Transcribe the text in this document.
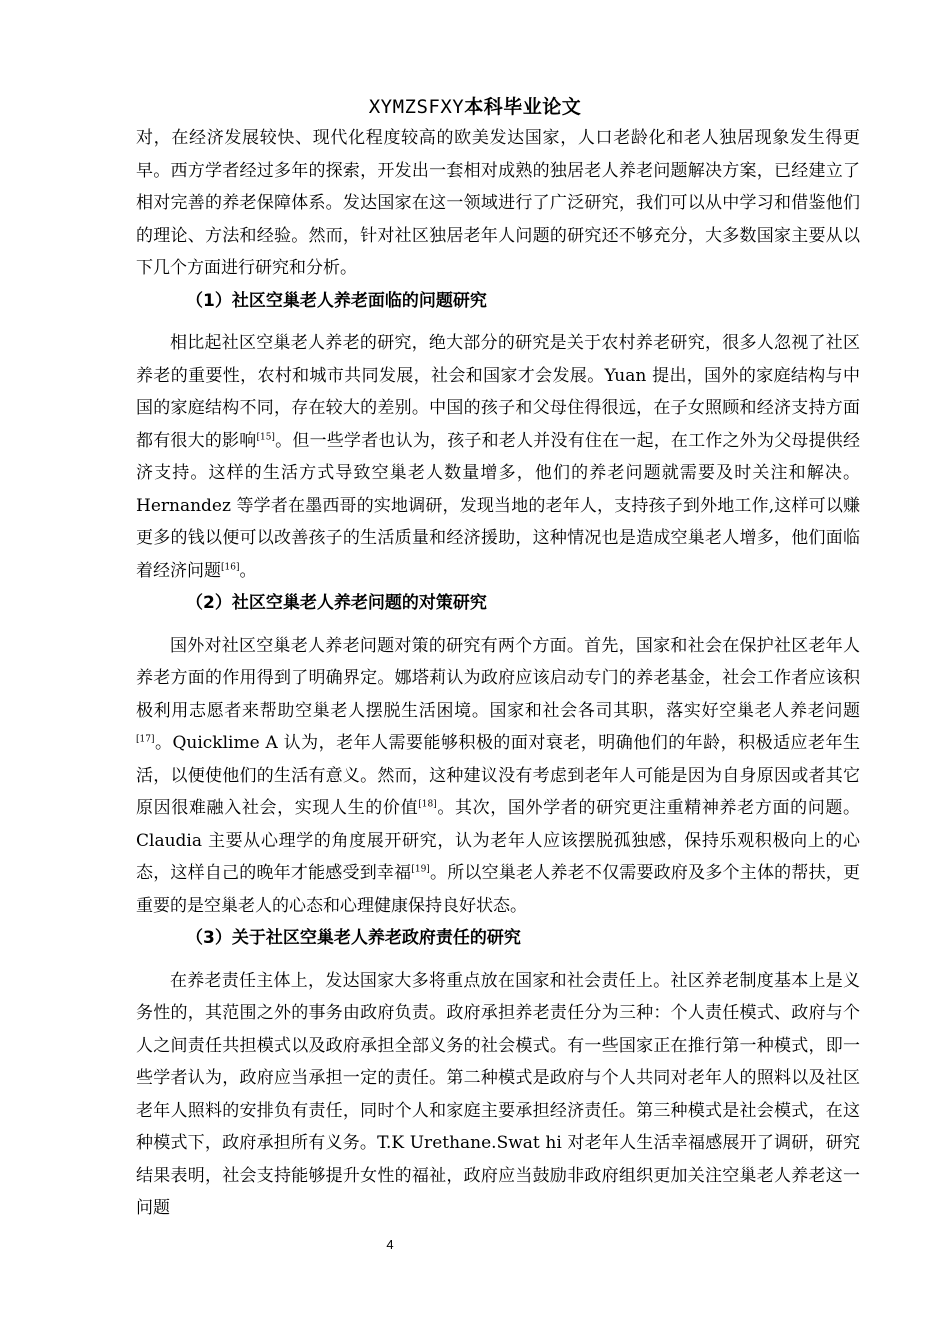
XYMZSFXY本科毕业论文

对，在经济发展较快、现代化程度较高的欧美发达国家，人口老龄化和老人独居现象发生得更早。西方学者经过多年的探索，开发出一套相对成熟的独居老人养老问题解决方案，已经建立了相对完善的养老保障体系。发达国家在这一领域进行了广泛研究，我们可以从中学习和借鉴他们的理论、方法和经验。然而，针对社区独居老年人问题的研究还不够充分，大多数国家主要从以下几个方面进行研究和分析。

（1）社区空巢老人养老面临的问题研究

相比起社区空巢老人养老的研究，绝大部分的研究是关于农村养老研究，很多人忽视了社区养老的重要性，农村和城市共同发展，社会和国家才会发展。Yuan 提出，国外的家庭结构与中国的家庭结构不同，存在较大的差别。中国的孩子和父母住得很远，在子女照顾和经济支持方面都有很大的影响[15]。但一些学者也认为，孩子和老人并没有住在一起，在工作之外为父母提供经济支持。这样的生活方式导致空巢老人数量增多，他们的养老问题就需要及时关注和解决。Hernandez 等学者在墨西哥的实地调研，发现当地的老年人，支持孩子到外地工作,这样可以赚更多的钱以便可以改善孩子的生活质量和经济援助，这种情况也是造成空巢老人增多，他们面临着经济问题[16]。

（2）社区空巢老人养老问题的对策研究

国外对社区空巢老人养老问题对策的研究有两个方面。首先，国家和社会在保护社区老年人养老方面的作用得到了明确界定。娜塔莉认为政府应该启动专门的养老基金，社会工作者应该积极利用志愿者来帮助空巢老人摆脱生活困境。国家和社会各司其职，落实好空巢老人养老问题[17]。Quicklime A 认为，老年人需要能够积极的面对衰老，明确他们的年龄，积极适应老年生活，以便使他们的生活有意义。然而，这种建议没有考虑到老年人可能是因为自身原因或者其它原因很难融入社会，实现人生的价值[18]。其次，国外学者的研究更注重精神养老方面的问题。Claudia 主要从心理学的角度展开研究，认为老年人应该摆脱孤独感，保持乐观积极向上的心态，这样自己的晚年才能感受到幸福[19]。所以空巢老人养老不仅需要政府及多个主体的帮扶，更重要的是空巢老人的心态和心理健康保持良好状态。

（3）关于社区空巢老人养老政府责任的研究

在养老责任主体上，发达国家大多将重点放在国家和社会责任上。社区养老制度基本上是义务性的，其范围之外的事务由政府负责。政府承担养老责任分为三种：个人责任模式、政府与个人之间责任共担模式以及政府承担全部义务的社会模式。有一些国家正在推行第一种模式，即一些学者认为，政府应当承担一定的责任。第二种模式是政府与个人共同对老年人的照料以及社区老年人照料的安排负有责任，同时个人和家庭主要承担经济责任。第三种模式是社会模式，在这种模式下，政府承担所有义务。T.K Urethane.Swat hi 对老年人生活幸福感展开了调研，研究结果表明，社会支持能够提升女性的福祉，政府应当鼓励非政府组织更加关注空巢老人养老这一问题

4
